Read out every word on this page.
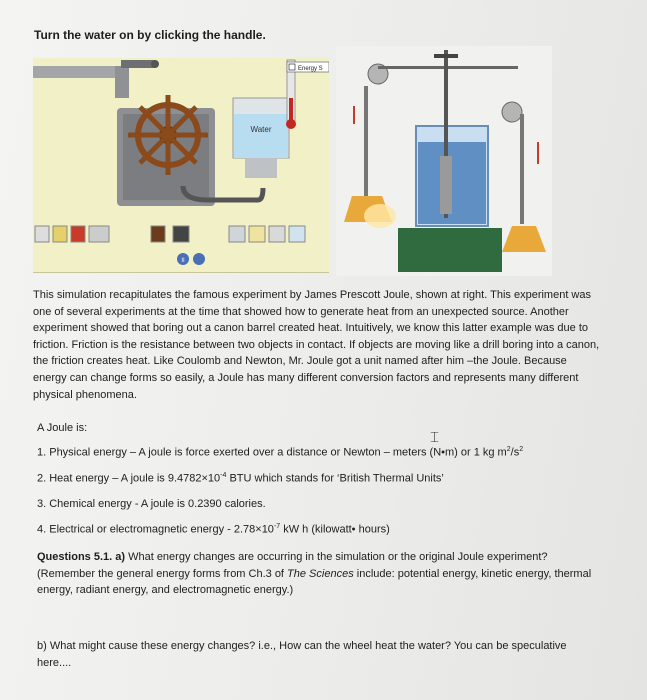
Turn the water on by clicking the handle.
Water
Energy S
II
This simulation recapitulates the famous experiment by James Prescott Joule, shown at right. This experiment was one of several experiments at the time that showed how to generate heat from an unexpected source. Another experiment showed that boring out a canon barrel created heat. Intuitively, we know this latter example was due to friction. Friction is the resistance between two objects in contact. If objects are moving like a drill boring into a canon, the friction creates heat. Like Coulomb and Newton, Mr. Joule got a unit named after him –the Joule. Because energy can change forms so easily, a Joule has many different conversion factors and represents many different physical phenomena.
A Joule is:	⌶
1. Physical energy – A joule is force exerted over a distance or Newton – meters (N•m) or 1 kg $m^2/s^2$
2. Heat energy – A joule is $9.4782\times 10^{-4}$ BTU which stands for ‘British Thermal Units’
3. Chemical energy - A joule is 0.2390 calories.
4. Electrical or electromagnetic energy - $2.78\times 10^{-7}$ kW h (kilowatt• hours)
Questions 5.1. a) What energy changes are occurring in the simulation or the original Joule experiment? (Remember the general energy forms from Ch.3 of The Sciences include: potential energy, kinetic energy, thermal energy, radiant energy, and electromagnetic energy.)
b) What might cause these energy changes? i.e., How can the wheel heat the water? You can be speculative here....
